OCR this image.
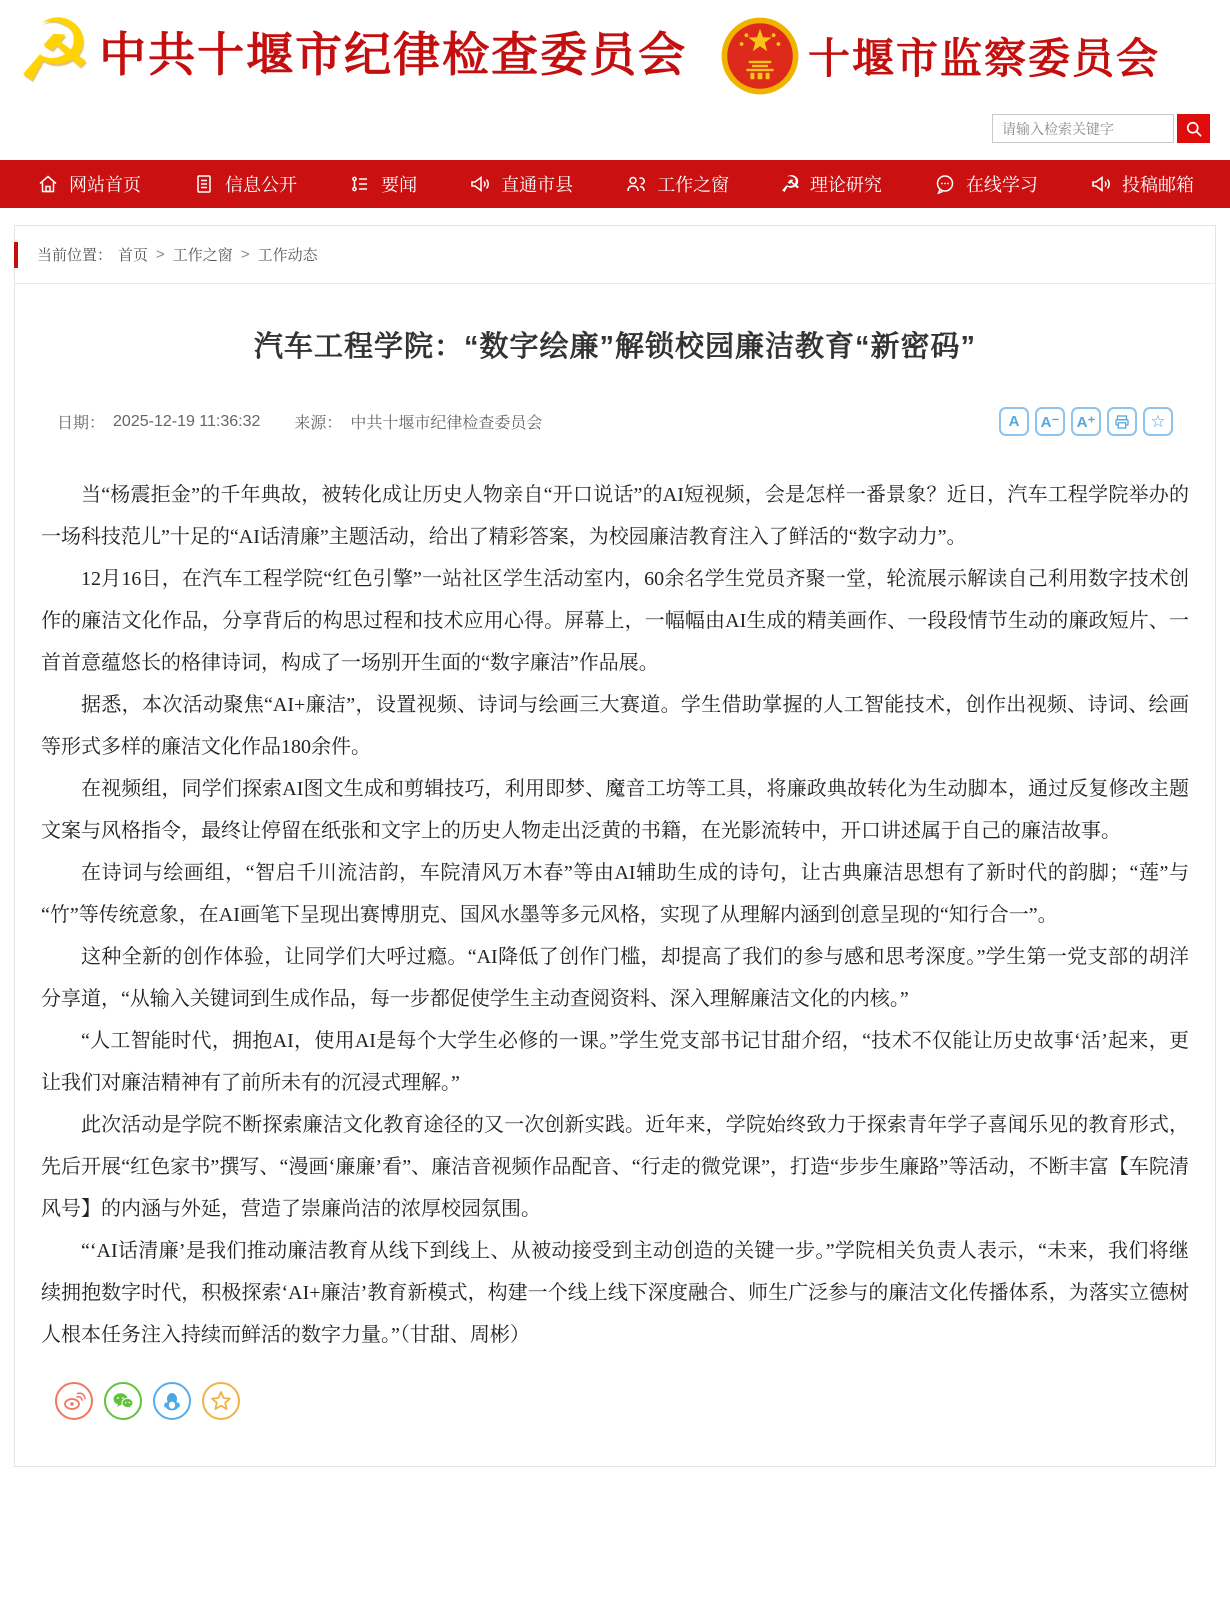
☭ 中共十堰市纪律检查委员会	十堰市监察委员会
请输入检索关键字
网站首页	信息公开	要闻	直通市县	工作之窗 ☭ 理论研究	在线学习	投稿邮箱
当前位置： 首页 > 工作之窗 > 工作动态
汽车工程学院：“数字绘廉”解锁校园廉洁教育“新密码”
日期： 2025-12-19 11:36:32 来源： 中共十堰市纪律检查委员会	A	A⁻	A⁺	☆

当“杨震拒金”的千年典故，被转化成让历史人物亲自“开口说话”的AI短视频，会是怎样一番景象？近日，汽车工程学院举办的一场科技范儿”十足的“AI话清廉”主题活动，给出了精彩答案，为校园廉洁教育注入了鲜活的“数字动力”。

12月16日，在汽车工程学院“红色引擎”一站社区学生活动室内，60余名学生党员齐聚一堂，轮流展示解读自己利用数字技术创作的廉洁文化作品，分享背后的构思过程和技术应用心得。屏幕上，一幅幅由AI生成的精美画作、一段段情节生动的廉政短片、一首首意蕴悠长的格律诗词，构成了一场别开生面的“数字廉洁”作品展。

据悉，本次活动聚焦“AI+廉洁”，设置视频、诗词与绘画三大赛道。学生借助掌握的人工智能技术，创作出视频、诗词、绘画等形式多样的廉洁文化作品180余件。

在视频组，同学们探索AI图文生成和剪辑技巧，利用即梦、魔音工坊等工具，将廉政典故转化为生动脚本，通过反复修改主题文案与风格指令，最终让停留在纸张和文字上的历史人物走出泛黄的书籍，在光影流转中，开口讲述属于自己的廉洁故事。

在诗词与绘画组，“智启千川流洁韵，车院清风万木春”等由AI辅助生成的诗句，让古典廉洁思想有了新时代的韵脚；“莲”与“竹”等传统意象，在AI画笔下呈现出赛博朋克、国风水墨等多元风格，实现了从理解内涵到创意呈现的“知行合一”。

这种全新的创作体验，让同学们大呼过瘾。“AI降低了创作门槛，却提高了我们的参与感和思考深度。”学生第一党支部的胡洋分享道，“从输入关键词到生成作品，每一步都促使学生主动查阅资料、深入理解廉洁文化的内核。”

“人工智能时代，拥抱AI，使用AI是每个大学生必修的一课。”学生党支部书记甘甜介绍，“技术不仅能让历史故事‘活’起来，更让我们对廉洁精神有了前所未有的沉浸式理解。”

此次活动是学院不断探索廉洁文化教育途径的又一次创新实践。近年来，学院始终致力于探索青年学子喜闻乐见的教育形式，先后开展“红色家书”撰写、“漫画‘廉廉’看”、廉洁音视频作品配音、“行走的微党课”，打造“步步生廉路”等活动，不断丰富【车院清风号】的内涵与外延，营造了崇廉尚洁的浓厚校园氛围。

“‘AI话清廉’是我们推动廉洁教育从线下到线上、从被动接受到主动创造的关键一步。”学院相关负责人表示，“未来，我们将继续拥抱数字时代，积极探索‘AI+廉洁’教育新模式，构建一个线上线下深度融合、师生广泛参与的廉洁文化传播体系，为落实立德树人根本任务注入持续而鲜活的数字力量。”（甘甜、周彬）
